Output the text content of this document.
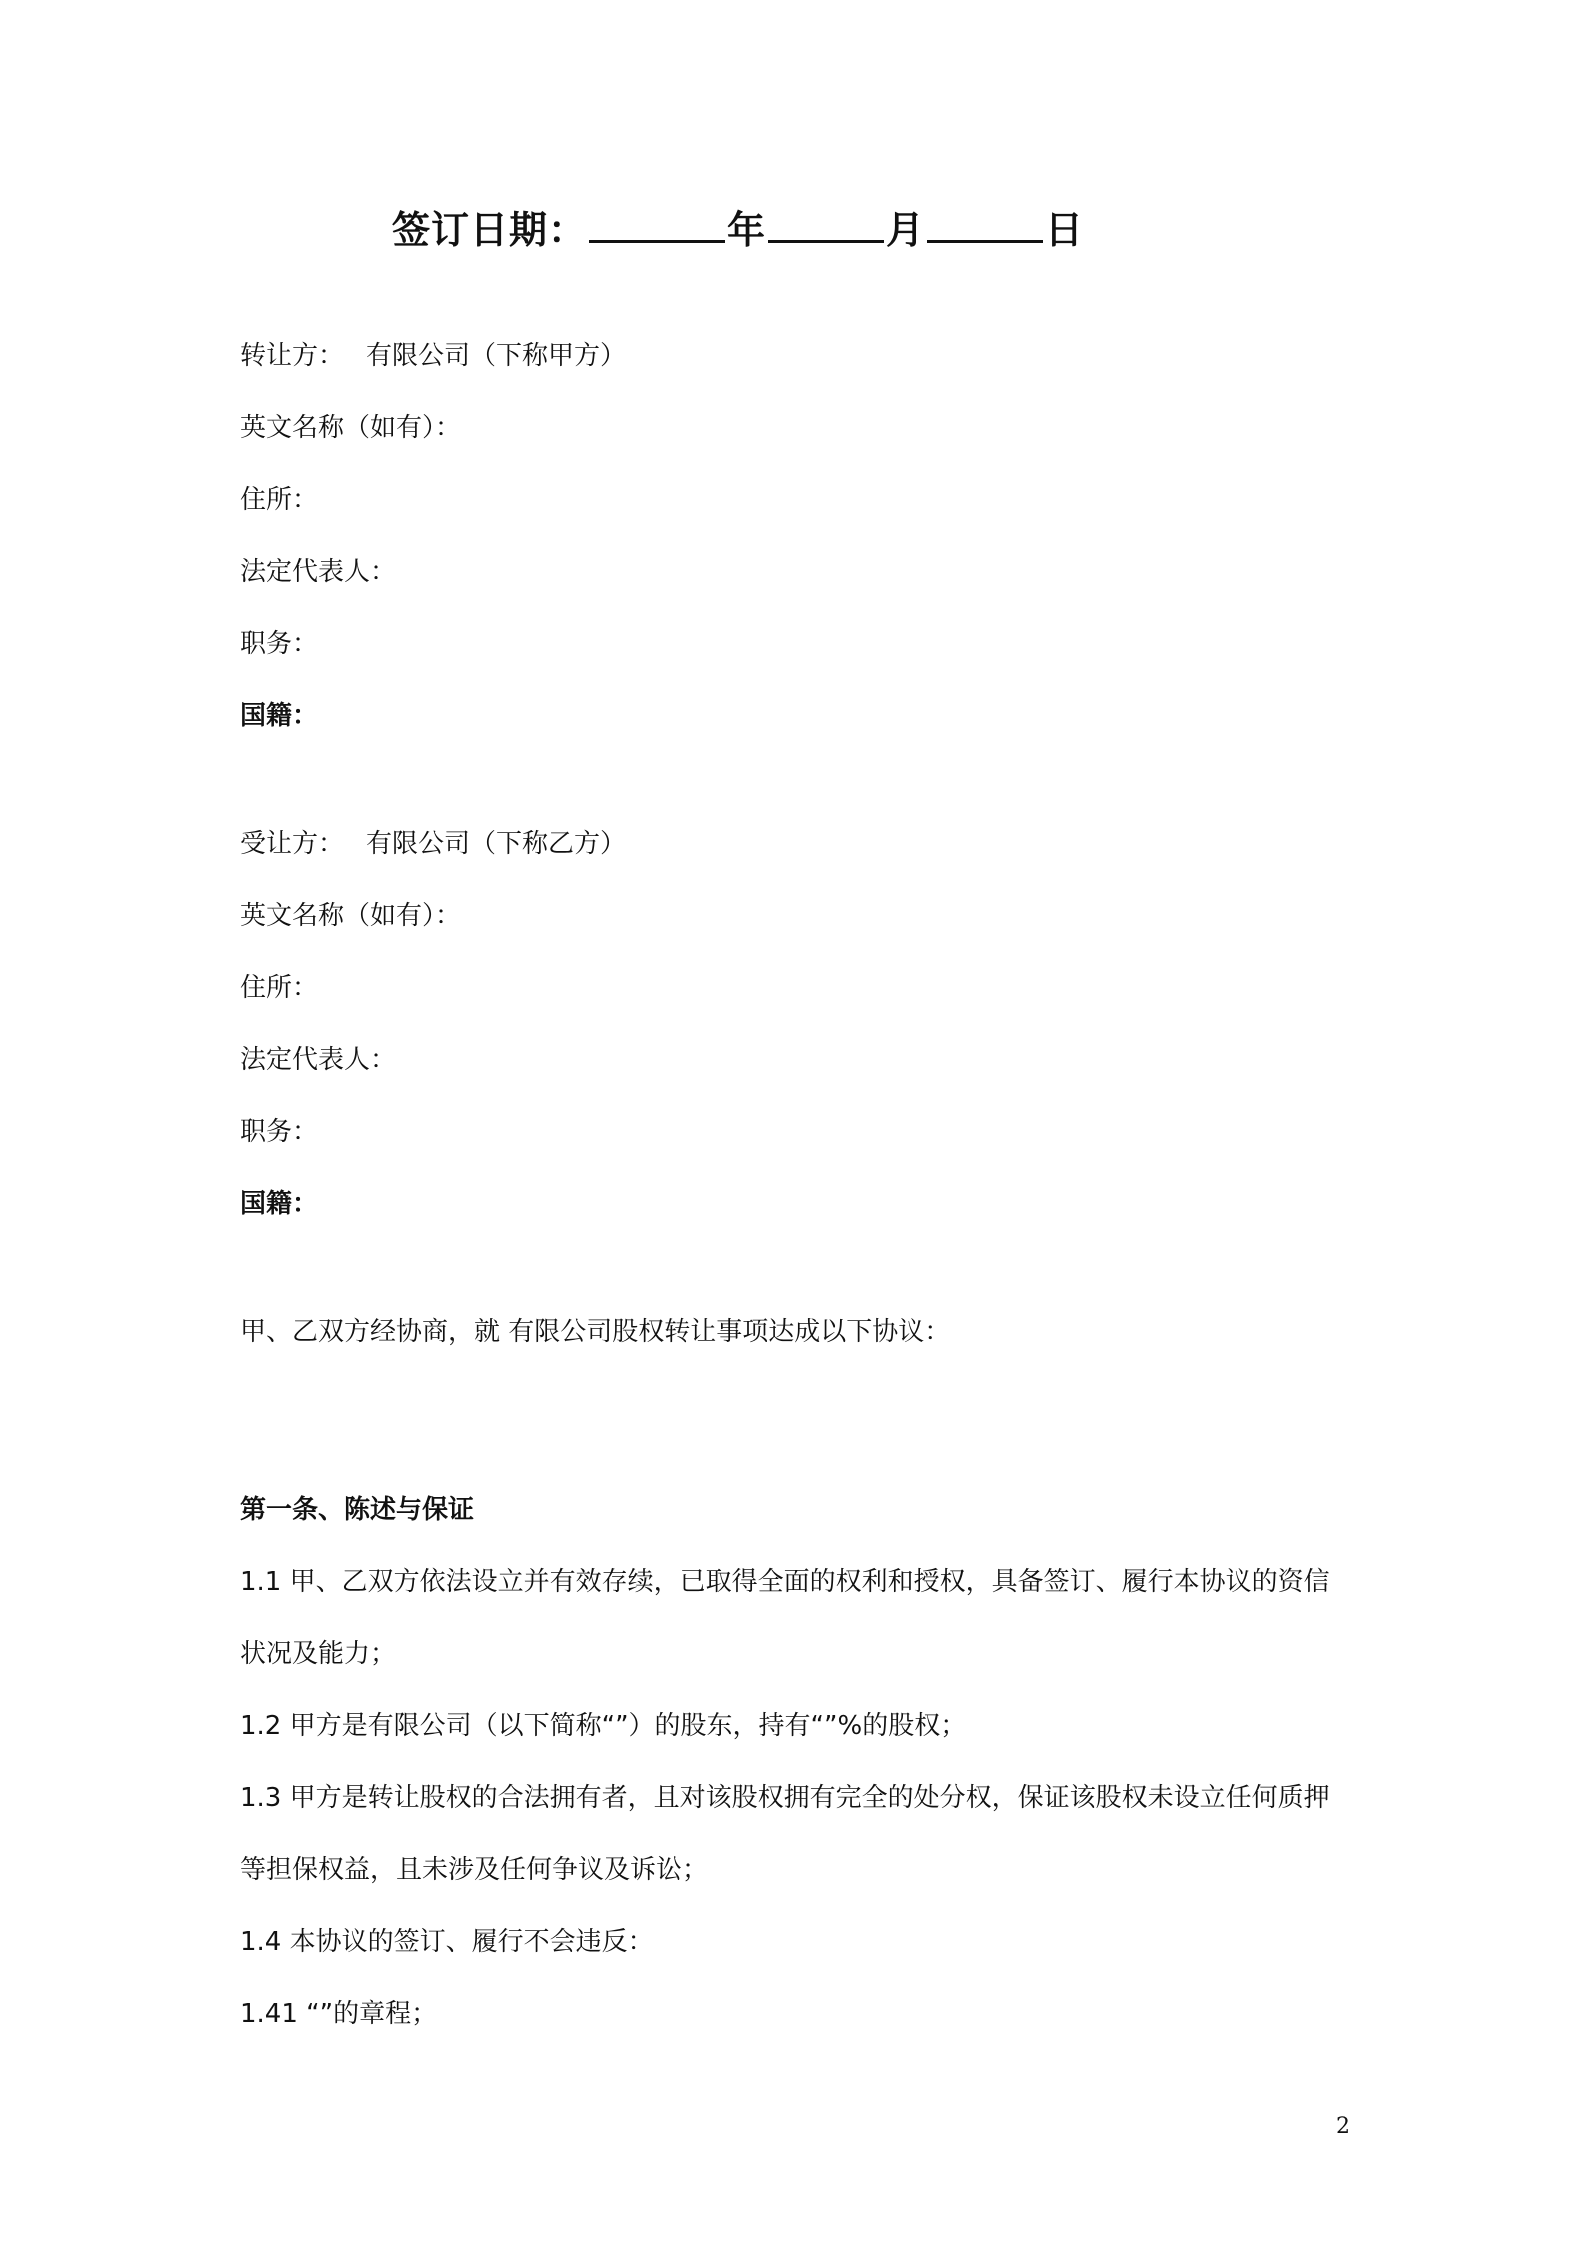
签订日期：	年	月	日
转让方： 有限公司（下称甲方）
英文名称（如有）：
住所：
法定代表人：
职务：
国籍：
受让方： 有限公司（下称乙方）
英文名称（如有）：
住所：
法定代表人：
职务：
国籍：
甲、乙双方经协商，就 有限公司股权转让事项达成以下协议：
第一条、陈述与保证
1.1 甲、乙双方依法设立并有效存续，已取得全面的权利和授权，具备签订、履行本协议的资信
状况及能力；
1.2 甲方是有限公司（以下简称“”）的股东，持有“”%的股权；
1.3 甲方是转让股权的合法拥有者，且对该股权拥有完全的处分权，保证该股权未设立任何质押
等担保权益，且未涉及任何争议及诉讼；
1.4 本协议的签订、履行不会违反：
1.41 “”的章程；
2
